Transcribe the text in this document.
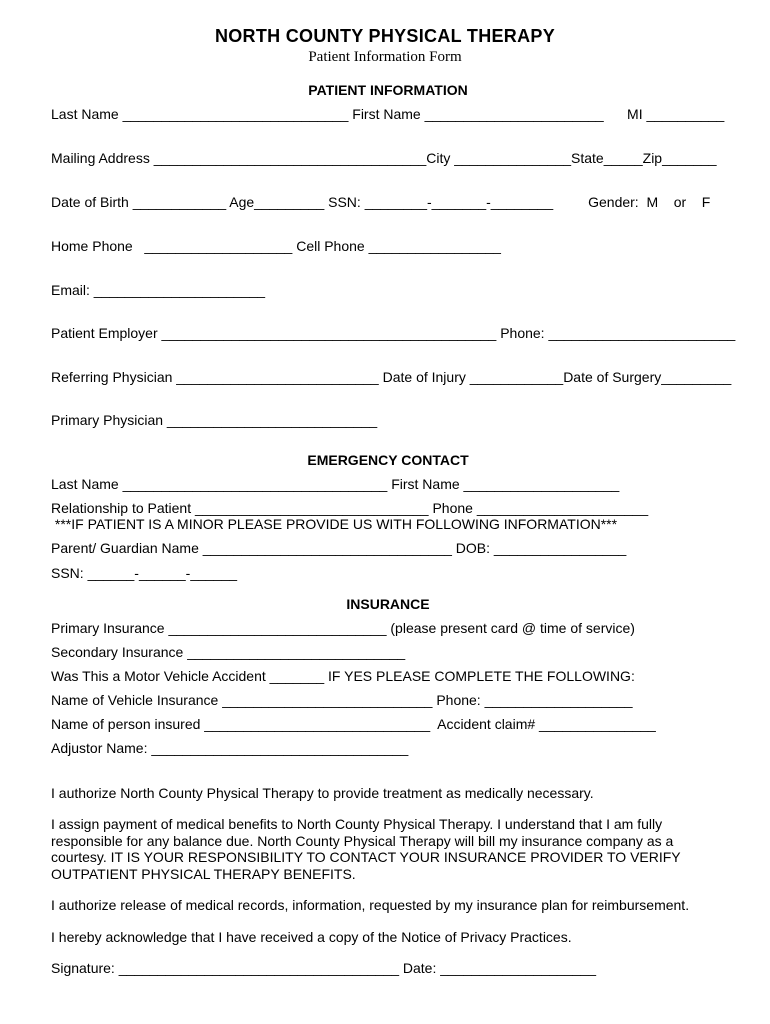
NORTH COUNTY PHYSICAL THERAPY
Patient Information Form
PATIENT INFORMATION
Last Name _____________________________ First Name _______________________      MI __________
Mailing Address ___________________________________City _______________State_____Zip_______
Date of Birth ____________ Age_________ SSN: ________-_______-________         Gender:  M    or    F
Home Phone   ___________________ Cell Phone _________________
Email: ______________________
Patient Employer ___________________________________________ Phone: ________________________
Referring Physician __________________________ Date of Injury ____________Date of Surgery_________
Primary Physician ___________________________
EMERGENCY CONTACT
Last Name __________________________________ First Name ____________________
Relationship to Patient ______________________________ Phone ______________________
***IF PATIENT IS A MINOR PLEASE PROVIDE US WITH FOLLOWING INFORMATION***
Parent/ Guardian Name ________________________________ DOB: _________________
SSN: ______-______-______
INSURANCE
Primary Insurance ____________________________ (please present card @ time of service)
Secondary Insurance ____________________________
Was This a Motor Vehicle Accident _______ IF YES PLEASE COMPLETE THE FOLLOWING:
Name of Vehicle Insurance ___________________________ Phone: ___________________
Name of person insured _____________________________  Accident claim# _______________
Adjustor Name: _________________________________
I authorize North County Physical Therapy to provide treatment as medically necessary.
I assign payment of medical benefits to North County Physical Therapy. I understand that I am fully responsible for any balance due. North County Physical Therapy will bill my insurance company as a courtesy. IT IS YOUR RESPONSIBILITY TO CONTACT YOUR INSURANCE PROVIDER TO VERIFY OUTPATIENT PHYSICAL THERAPY BENEFITS.
I authorize release of medical records, information, requested by my insurance plan for reimbursement.
I hereby acknowledge that I have received a copy of the Notice of Privacy Practices.
Signature: ____________________________________ Date: ____________________
